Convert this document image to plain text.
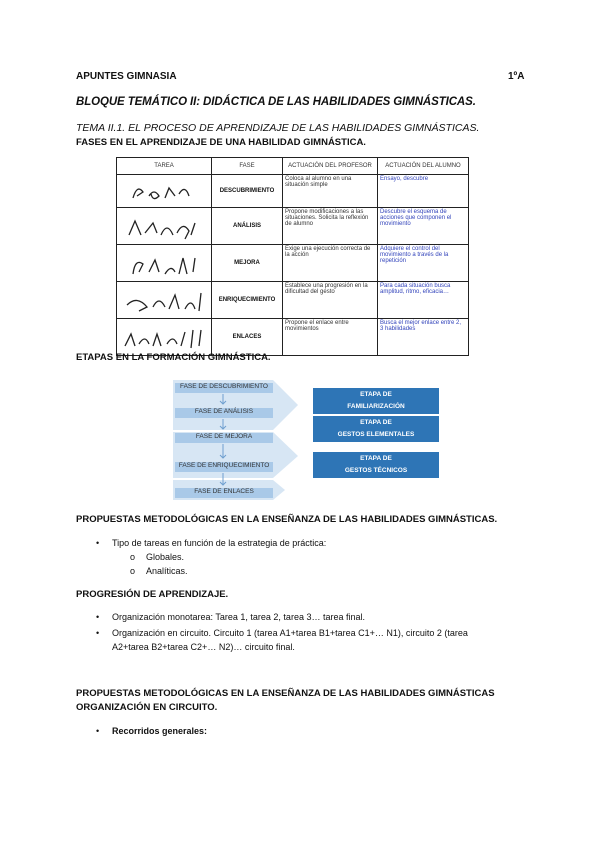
APUNTES GIMNASIA	1ºA
BLOQUE TEMÁTICO II: DIDÁCTICA DE LAS HABILIDADES GIMNÁSTICAS.
TEMA II.1. EL PROCESO DE APRENDIZAJE DE LAS HABILIDADES GIMNÁSTICAS.
FASES EN EL APRENDIZAJE DE UNA HABILIDAD GIMNÁSTICA.
TAREA	FASE	ACTUACIÓN DEL PROFESOR	ACTUACIÓN DEL ALUMNO

	DESCUBRIMIENTO	Coloca al alumno en una situación simple	Ensayo, descubre

	ANÁLISIS	Propone modificaciones a las situaciones. Solicita la reflexión de alumno	Descubre el esquema de acciones que componen el movimiento

	MEJORA	Exige una ejecución correcta de la acción	Adquiere el control del movimiento a través de la repetición

	ENRIQUECIMIENTO	Establece una progresión en la dificultad del gesto	Para cada situación busca amplitud, ritmo, eficacia…

	ENLACES	Propone el enlace entre movimientos	Busca el mejor enlace entre 2, 3 habilidades
ETAPAS EN LA FORMACIÓN GIMNÁSTICA.
FASE DE DESCUBRIMIENTO
FASE DE ANÁLISIS
FASE DE MEJORA
FASE DE ENRIQUECIMIENTO
FASE DE ENLACES
ETAPA DE
FAMILIARIZACIÓN
ETAPA DE
GESTOS ELEMENTALES
ETAPA DE
GESTOS TÉCNICOS
PROPUESTAS METODOLÓGICAS EN LA ENSEÑANZA DE LAS HABILIDADES GIMNÁSTICAS.
• Tipo de tareas en función de la estrategia de práctica:
o Globales.
o Analíticas.
PROGRESIÓN DE APRENDIZAJE.
• Organización monotarea: Tarea 1, tarea 2, tarea 3… tarea final.
• Organización en circuito. Circuito 1 (tarea A1+tarea B1+tarea C1+… N1), circuito 2 (tarea
A2+tarea B2+tarea C2+… N2)… circuito final.
PROPUESTAS METODOLÓGICAS EN LA ENSEÑANZA DE LAS HABILIDADES GIMNÁSTICAS
ORGANIZACIÓN EN CIRCUITO.
• Recorridos generales:
